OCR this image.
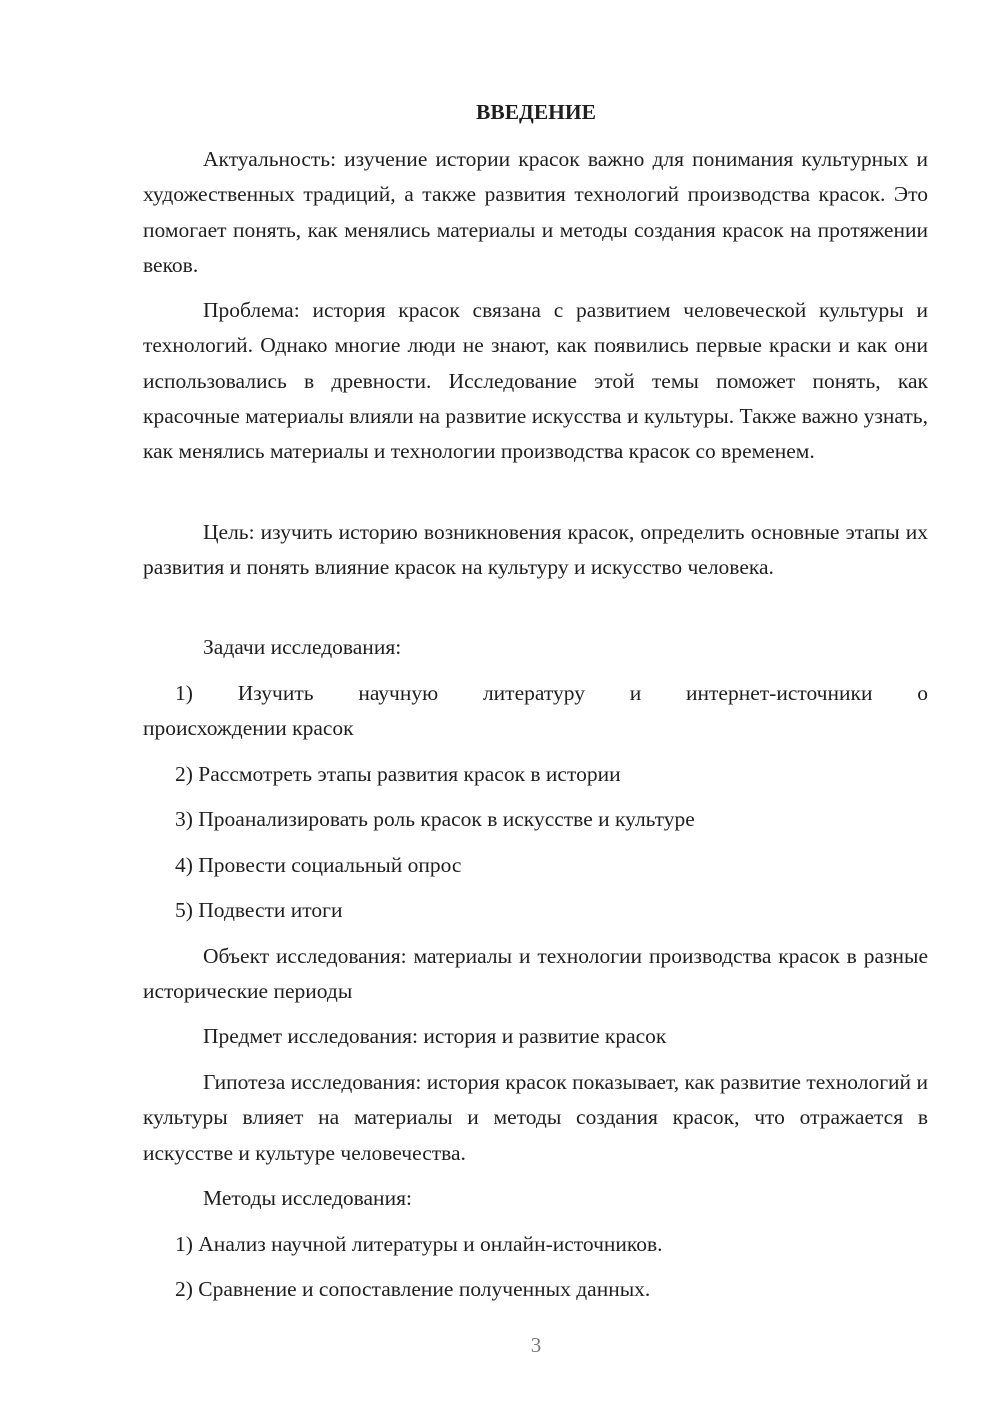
ВВЕДЕНИЕ

Актуальность: изучение истории красок важно для понимания культурных и художественных традиций, а также развития технологий производства красок. Это помогает понять, как менялись материалы и методы создания красок на протяжении веков.

Проблема: история красок связана с развитием человеческой культуры и технологий. Однако многие люди не знают, как появились первые краски и как они использовались в древности. Исследование этой темы поможет понять, как красочные материалы влияли на развитие искусства и культуры. Также важно узнать, как менялись материалы и технологии производства красок со временем.

Цель: изучить историю возникновения красок, определить основные этапы их развития и понять влияние красок на культуру и искусство человека.

Задачи исследования:

1) Изучить научную литературу и интернет-источники о
происхождении красок
2) Рассмотреть этапы развития красок в истории
3) Проанализировать роль красок в искусстве и культуре
4) Провести социальный опрос
5) Подвести итоги

Объект исследования: материалы и технологии производства красок в разные исторические периоды

Предмет исследования: история и развитие красок

Гипотеза исследования: история красок показывает, как развитие технологий и культуры влияет на материалы и методы создания красок, что отражается в искусстве и культуре человечества.

Методы исследования:

1) Анализ научной литературы и онлайн-источников.
2) Сравнение и сопоставление полученных данных.
3
